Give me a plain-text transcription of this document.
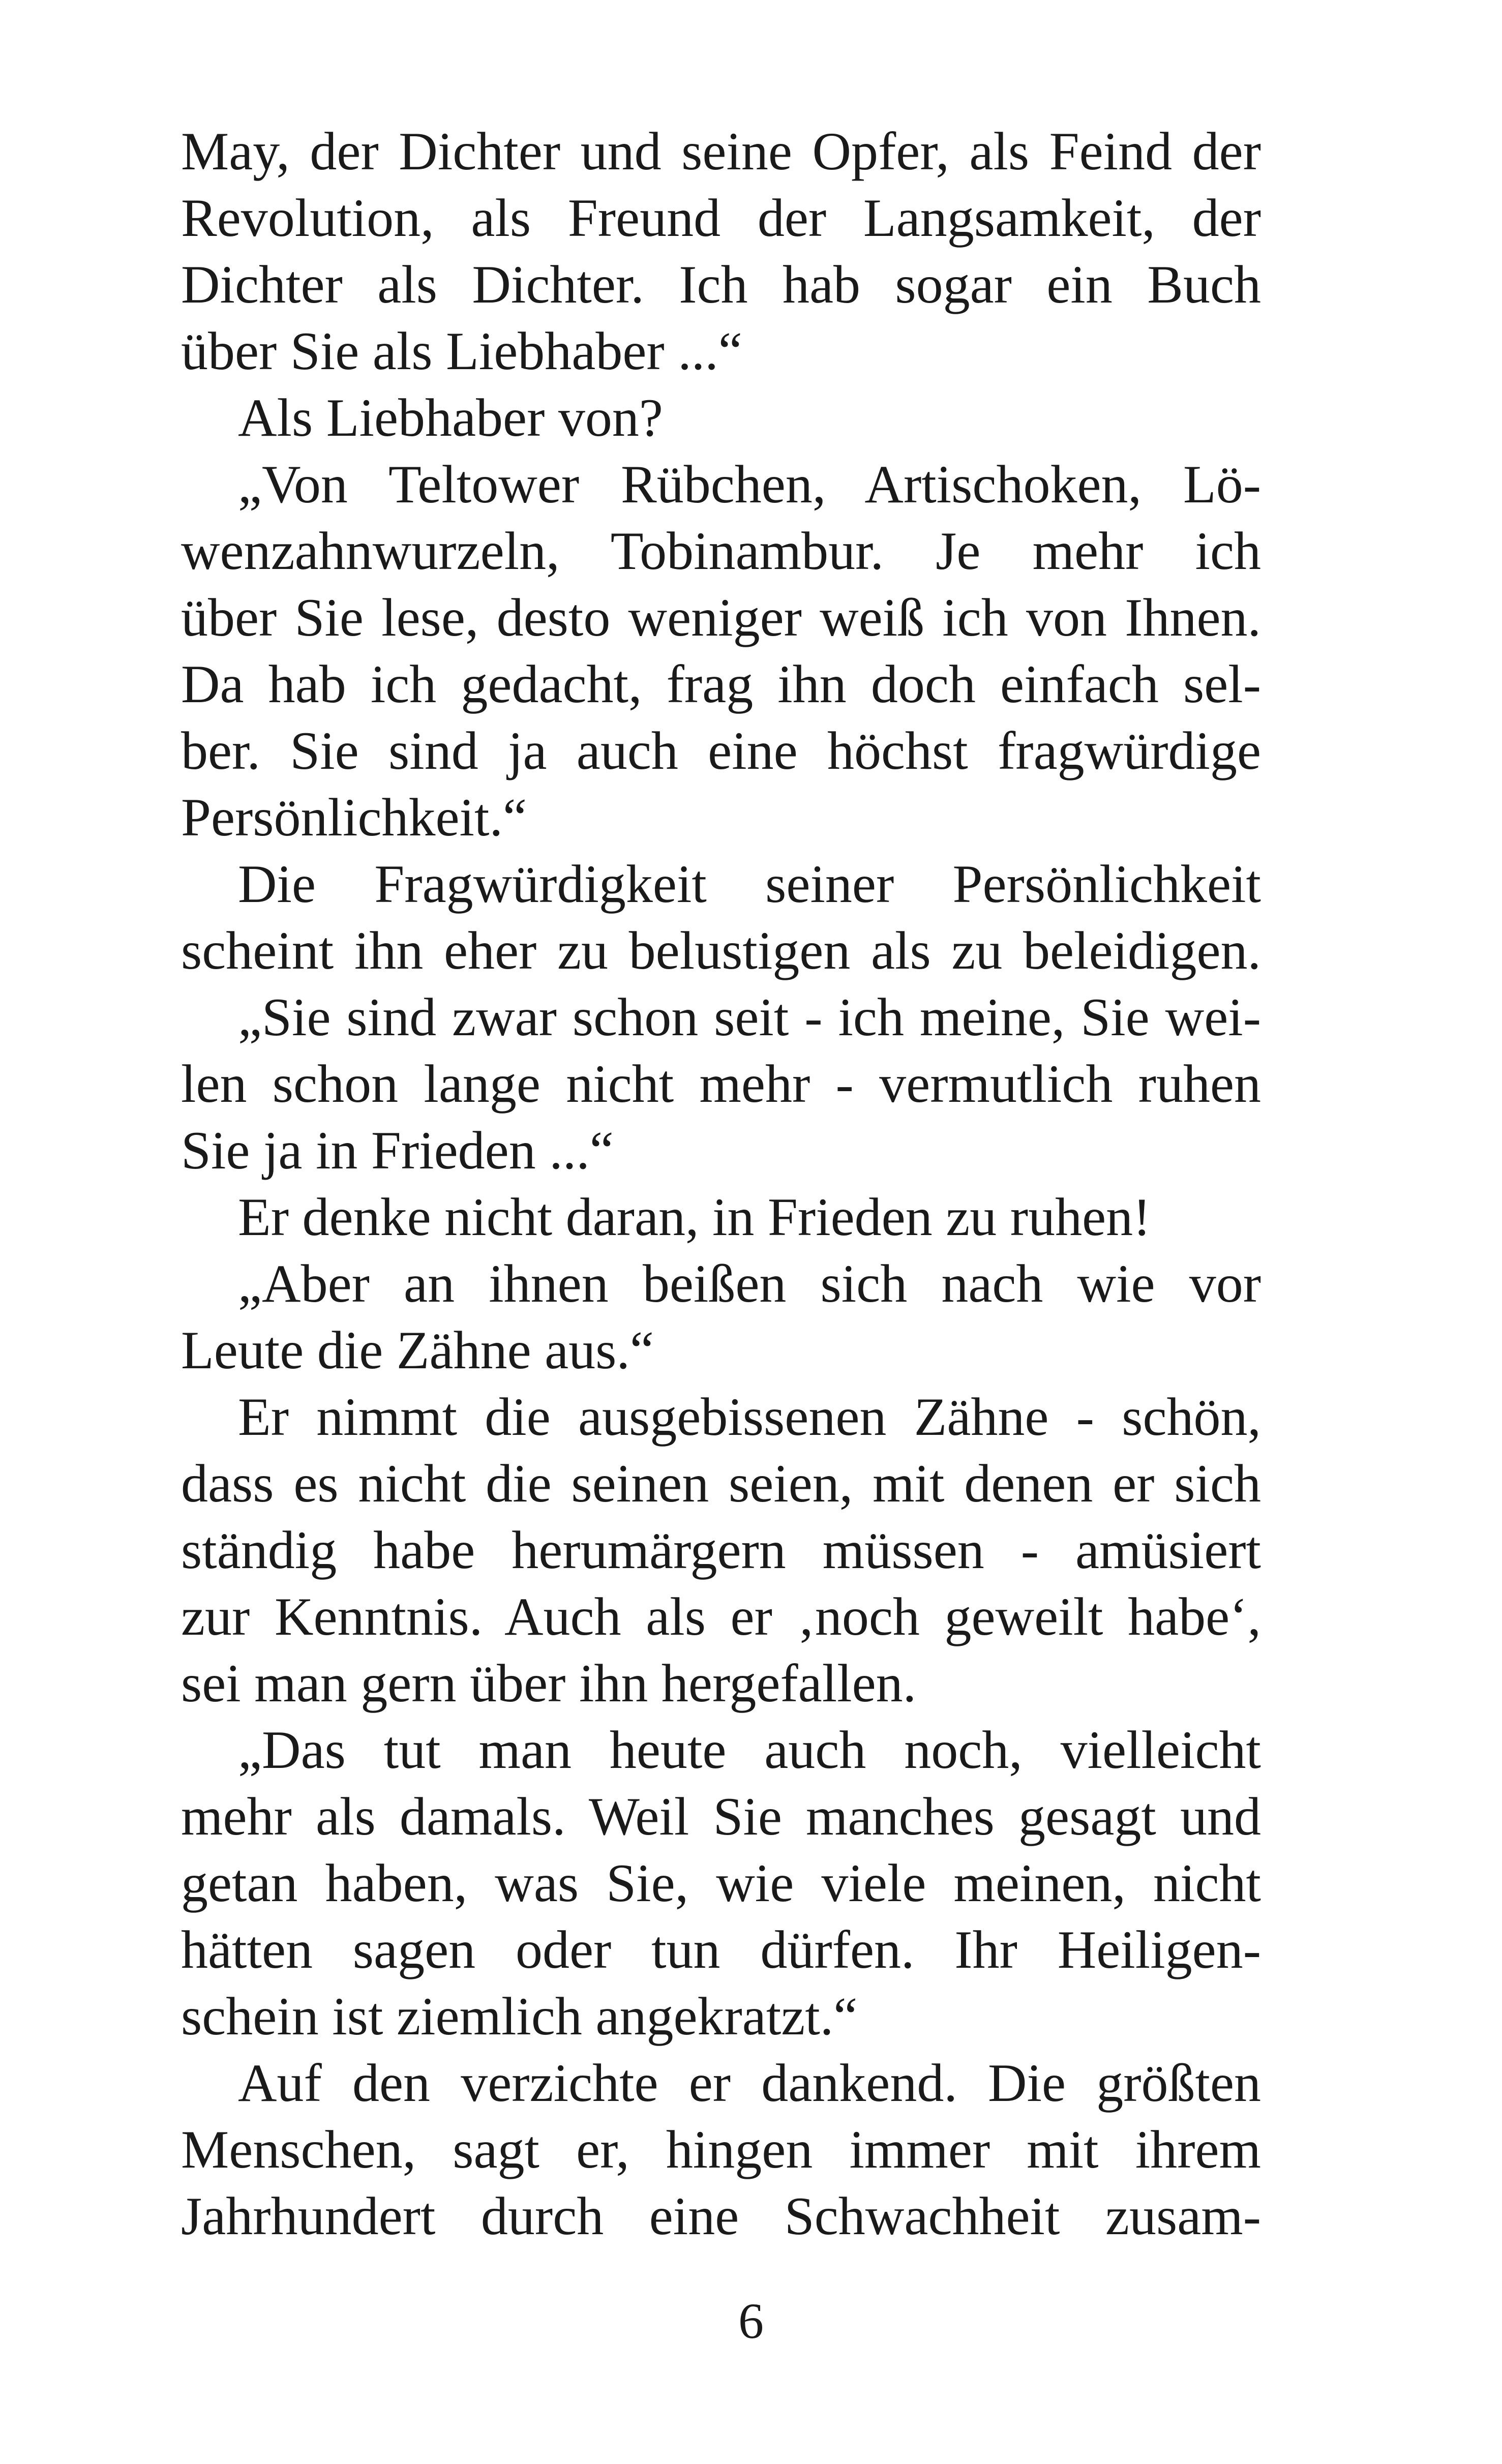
May, der Dichter und seine Opfer, als Feind der
Revolution, als Freund der Langsamkeit, der
Dichter als Dichter. Ich hab sogar ein Buch
über Sie als Liebhaber ...“
Als Liebhaber von?
„Von Teltower Rübchen, Artischoken, Lö-
wenzahnwurzeln, Tobinambur. Je mehr ich
über Sie lese, desto weniger weiß ich von Ihnen.
Da hab ich gedacht, frag ihn doch einfach sel-
ber. Sie sind ja auch eine höchst fragwürdige
Persönlichkeit.“
Die Fragwürdigkeit seiner Persönlichkeit
scheint ihn eher zu belustigen als zu beleidigen.
„Sie sind zwar schon seit - ich meine, Sie wei-
len schon lange nicht mehr - vermutlich ruhen
Sie ja in Frieden ...“
Er denke nicht daran, in Frieden zu ruhen!
„Aber an ihnen beißen sich nach wie vor
Leute die Zähne aus.“
Er nimmt die ausgebissenen Zähne - schön,
dass es nicht die seinen seien, mit denen er sich
ständig habe herumärgern müssen - amüsiert
zur Kenntnis. Auch als er ‚noch geweilt habe‘,
sei man gern über ihn hergefallen.
„Das tut man heute auch noch, vielleicht
mehr als damals. Weil Sie manches gesagt und
getan haben, was Sie, wie viele meinen, nicht
hätten sagen oder tun dürfen. Ihr Heiligen-
schein ist ziemlich angekratzt.“
Auf den verzichte er dankend. Die größten
Menschen, sagt er, hingen immer mit ihrem
Jahrhundert durch eine Schwachheit zusam-
6
